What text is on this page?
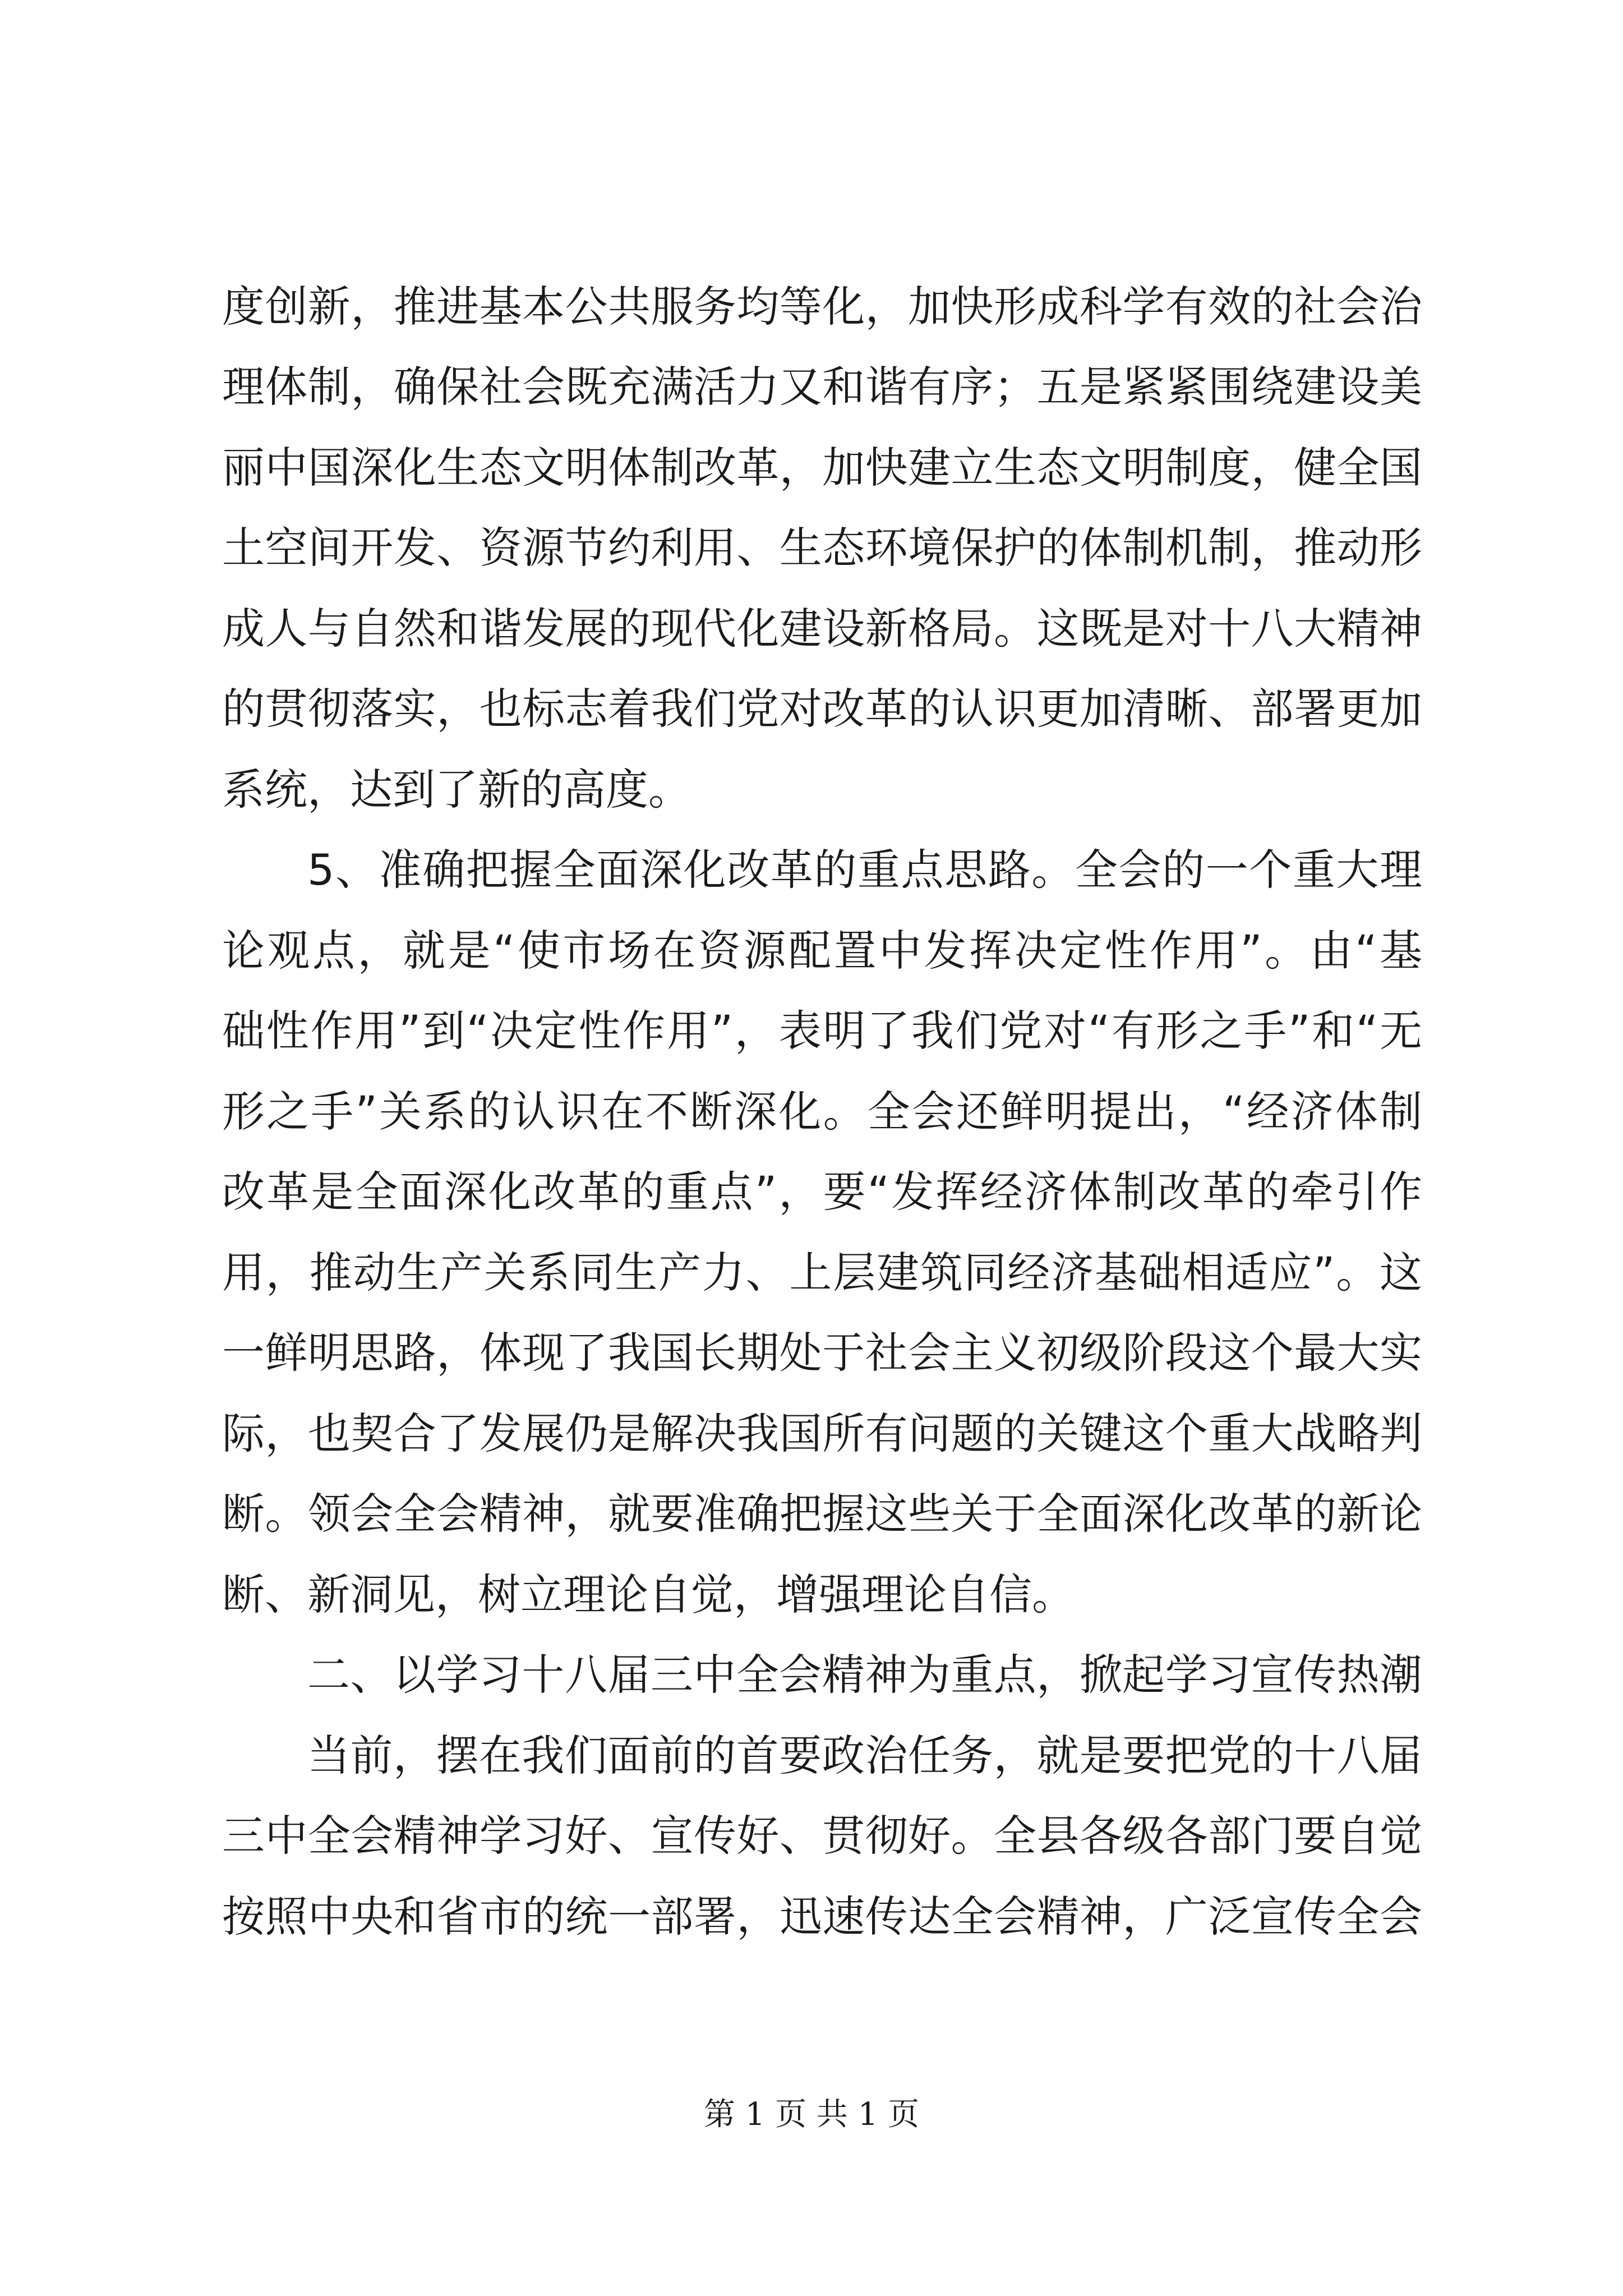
度创新，推进基本公共服务均等化，加快形成科学有效的社会治
理体制，确保社会既充满活力又和谐有序；五是紧紧围绕建设美
丽中国深化生态文明体制改革，加快建立生态文明制度，健全国
土空间开发、资源节约利用、生态环境保护的体制机制，推动形
成人与自然和谐发展的现代化建设新格局。这既是对十八大精神
的贯彻落实，也标志着我们党对改革的认识更加清晰、部署更加
系统，达到了新的高度。
5、准确把握全面深化改革的重点思路。全会的一个重大理
论观点，就是“使市场在资源配置中发挥决定性作用”。由“基
础性作用”到“决定性作用”，表明了我们党对“有形之手”和“无
形之手”关系的认识在不断深化。全会还鲜明提出，“经济体制
改革是全面深化改革的重点”，要“发挥经济体制改革的牵引作
用，推动生产关系同生产力、上层建筑同经济基础相适应”。这
一鲜明思路，体现了我国长期处于社会主义初级阶段这个最大实
际，也契合了发展仍是解决我国所有问题的关键这个重大战略判
断。领会全会精神，就要准确把握这些关于全面深化改革的新论
断、新洞见，树立理论自觉，增强理论自信。
二、以学习十八届三中全会精神为重点，掀起学习宣传热潮
当前，摆在我们面前的首要政治任务，就是要把党的十八届
三中全会精神学习好、宣传好、贯彻好。全县各级各部门要自觉
按照中央和省市的统一部署，迅速传达全会精神，广泛宣传全会
第 1 页 共 1 页
